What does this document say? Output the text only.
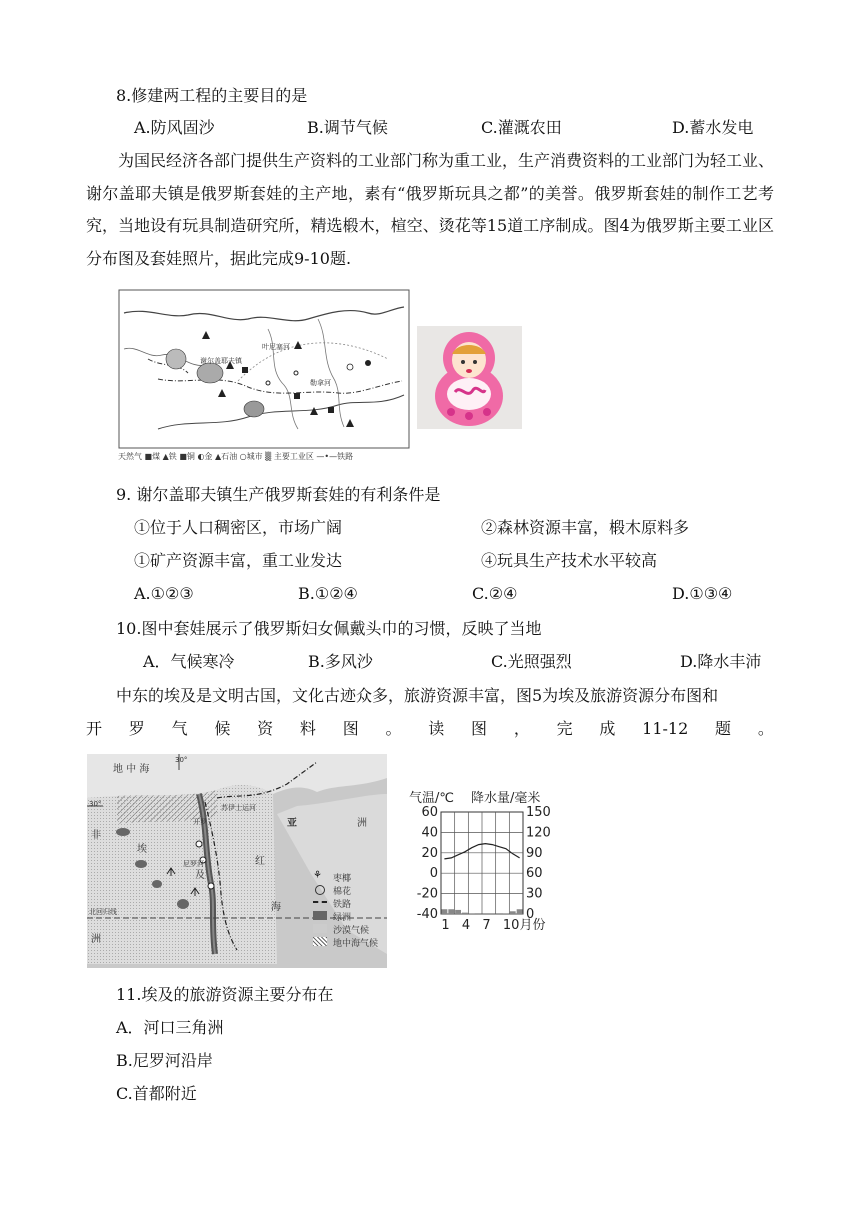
8.修建两工程的主要目的是
A.防风固沙	B.调节气候	C.灌溉农田	D.蓄水发电
为国民经济各部门提供生产资料的工业部门称为重工业，生产消费资料的工业部门为轻工业、谢尔盖耶夫镇是俄罗斯套娃的主产地，素有“俄罗斯玩具之都”的美誉。俄罗斯套娃的制作工艺考究，当地设有玩具制造研究所，精选椴木，楦空、烫花等15道工序制成。图4为俄罗斯主要工业区分布图及套娃照片，据此完成9-10题.
谢尔盖耶夫镇
勒拿河
叶尼塞河
天然气 ■煤 ▲铁 ■铜 ◐金 ▲石油 ○城市 ▒ 主要工业区 —•—铁路
9. 谢尔盖耶夫镇生产俄罗斯套娃的有利条件是
①位于人口稠密区，市场广阔	②森林资源丰富，椴木原料多
①矿产资源丰富，重工业发达	④玩具生产技术水平较高
A.①②③	B.①②④	C.②④	D.①③④
10.图中套娃展示了俄罗斯妇女佩戴头巾的习惯，反映了当地
A．气候寒冷	B.多风沙	C.光照强烈	D.降水丰沛
中东的埃及是文明古国，文化古迹众多，旅游资源丰富，图5为埃及旅游资源分布图和
开 罗 气 候 资 料 图 。 读 图 ， 完 成 11-12 题 。
地 中 海
30°
30°
非
亚	洲
埃
及
红
海
北回归线
洲
开罗
苏伊士运河
尼罗河
⚘	枣椰
棉花
铁路
绿洲
沙漠气候
地中海气候
气温/℃ 降水量/毫米
60
40
20
0
-20
-40
150
120
90
60
30
0
1 4 7 10月份
11.埃及的旅游资源主要分布在
A．河口三角洲
B.尼罗河沿岸
C.首都附近
